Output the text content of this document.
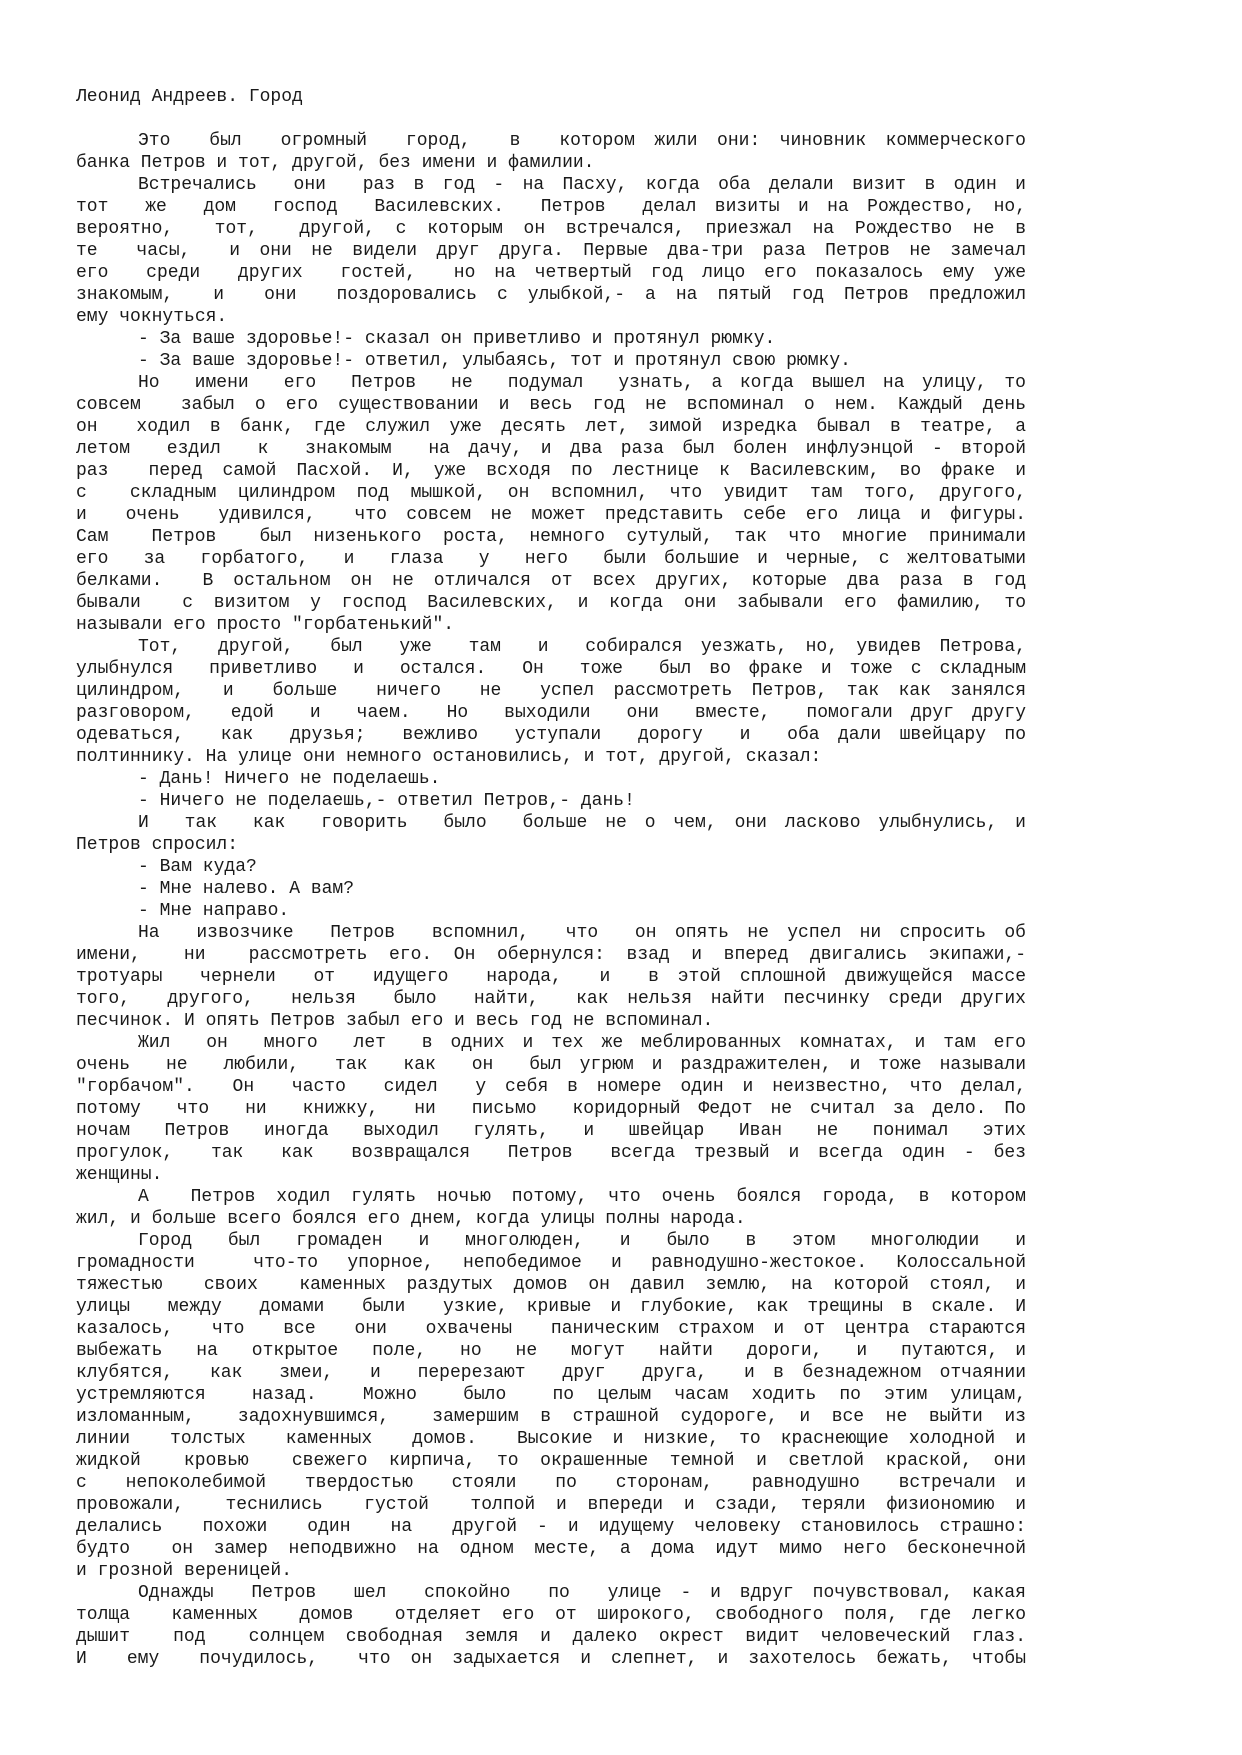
Леонид Андреев. Город
Это  был  огромный  город,  в  котором жили они: чиновник коммерческого
банка Петров и тот, другой, без имени и фамилии.
Встречались  они  раз в год - на Пасху, когда оба делали визит в один и
тот  же  дом  господ  Василевских.  Петров  делал визиты и на Рождество, но,
вероятно,  тот,  другой, с которым он встречался, приезжал на Рождество не в
те  часы,  и они не видели друг друга. Первые два-три раза Петров не замечал
его  среди  других  гостей,  но на четвертый год лицо его показалось ему уже
знакомым,  и  они  поздоровались с улыбкой,- а на пятый год Петров предложил
ему чокнуться.
- За ваше здоровье!- сказал он приветливо и протянул рюмку.
- За ваше здоровье!- ответил, улыбаясь, тот и протянул свою рюмку.
Но  имени  его  Петров  не  подумал  узнать, а когда вышел на улицу, то
совсем  забыл о его существовании и весь год не вспоминал о нем. Каждый день
он  ходил в банк, где служил уже десять лет, зимой изредка бывал в театре, а
летом  ездил  к  знакомым  на дачу, и два раза был болен инфлуэнцой - второй
раз  перед самой Пасхой. И, уже всходя по лестнице к Василевским, во фраке и
с  складным цилиндром под мышкой, он вспомнил, что увидит там того, другого,
и  очень  удивился,  что совсем не может представить себе его лица и фигуры.
Сам  Петров  был низенького роста, немного сутулый, так что многие принимали
его  за  горбатого,  и  глаза  у  него  были большие и черные, с желтоватыми
белками.  В остальном он не отличался от всех других, которые два раза в год
бывали  с визитом у господ Василевских, и когда они забывали его фамилию, то
называли его просто "горбатенький".
Тот,  другой,  был  уже  там  и  собирался уезжать, но, увидев Петрова,
улыбнулся  приветливо  и  остался.  Он  тоже  был во фраке и тоже с складным
цилиндром,  и  больше  ничего  не  успел рассмотреть Петров, так как занялся
разговором,  едой  и  чаем.  Но  выходили  они  вместе,  помогали друг другу
одеваться,  как  друзья;  вежливо  уступали  дорогу  и  оба дали швейцару по
полтиннику. На улице они немного остановились, и тот, другой, сказал:
- Дань! Ничего не поделаешь.
- Ничего не поделаешь,- ответил Петров,- дань!
И  так  как  говорить  было  больше не о чем, они ласково улыбнулись, и
Петров спросил:
- Вам куда?
- Мне налево. А вам?
- Мне направо.
На  извозчике  Петров  вспомнил,  что  он опять не успел ни спросить об
имени,  ни  рассмотреть его. Он обернулся: взад и вперед двигались экипажи,-
тротуары  чернели  от  идущего  народа,  и  в этой сплошной движущейся массе
того,  другого,  нельзя  было  найти,  как нельзя найти песчинку среди других
песчинок. И опять Петров забыл его и весь год не вспоминал.
Жил  он  много  лет  в одних и тех же меблированных комнатах, и там его
очень  не  любили,  так  как  он  был угрюм и раздражителен, и тоже называли
"горбачом".  Он  часто  сидел  у себя в номере один и неизвестно, что делал,
потому  что  ни  книжку,  ни  письмо  коридорный Федот не считал за дело. По
ночам  Петров  иногда  выходил  гулять,  и  швейцар  Иван  не  понимал  этих
прогулок,  так  как  возвращался  Петров  всегда трезвый и всегда один - без
женщины.
А  Петров ходил гулять ночью потому, что очень боялся города, в котором
жил, и больше всего боялся его днем, когда улицы полны народа.
Город  был  громаден  и  многолюден,  и  было  в  этом  многолюдии  и
громадности  что-то упорное, непобедимое и равнодушно-жестокое. Колоссальной
тяжестью  своих  каменных раздутых домов он давил землю, на которой стоял, и
улицы  между  домами  были  узкие, кривые и глубокие, как трещины в скале. И
казалось,  что  все  они  охвачены  паническим страхом и от центра стараются
выбежать  на  открытое  поле,  но  не  могут  найти  дороги,  и  путаются, и
клубятся,  как  змеи,  и  перерезают  друг  друга,  и в безнадежном отчаянии
устремляются  назад.  Можно  было  по целым часам ходить по этим улицам,
изломанным,  задохнувшимся,  замершим в страшной судороге, и все не выйти из
линии  толстых  каменных  домов.  Высокие и низкие, то краснеющие холодной и
жидкой  кровью  свежего кирпича, то окрашенные темной и светлой краской, они
с  непоколебимой  твердостью  стояли  по  сторонам,  равнодушно  встречали и
провожали,  теснились  густой  толпой и впереди и сзади, теряли физиономию и
делались  похожи  один  на  другой - и идущему человеку становилось страшно:
будто  он замер неподвижно на одном месте, а дома идут мимо него бесконечной
и грозной вереницей.
Однажды  Петров  шел  спокойно  по  улице - и вдруг почувствовал, какая
толща  каменных  домов  отделяет его от широкого, свободного поля, где легко
дышит  под  солнцем свободная земля и далеко окрест видит человеческий глаз.
И  ему  почудилось,  что он задыхается и слепнет, и захотелось бежать, чтобы
